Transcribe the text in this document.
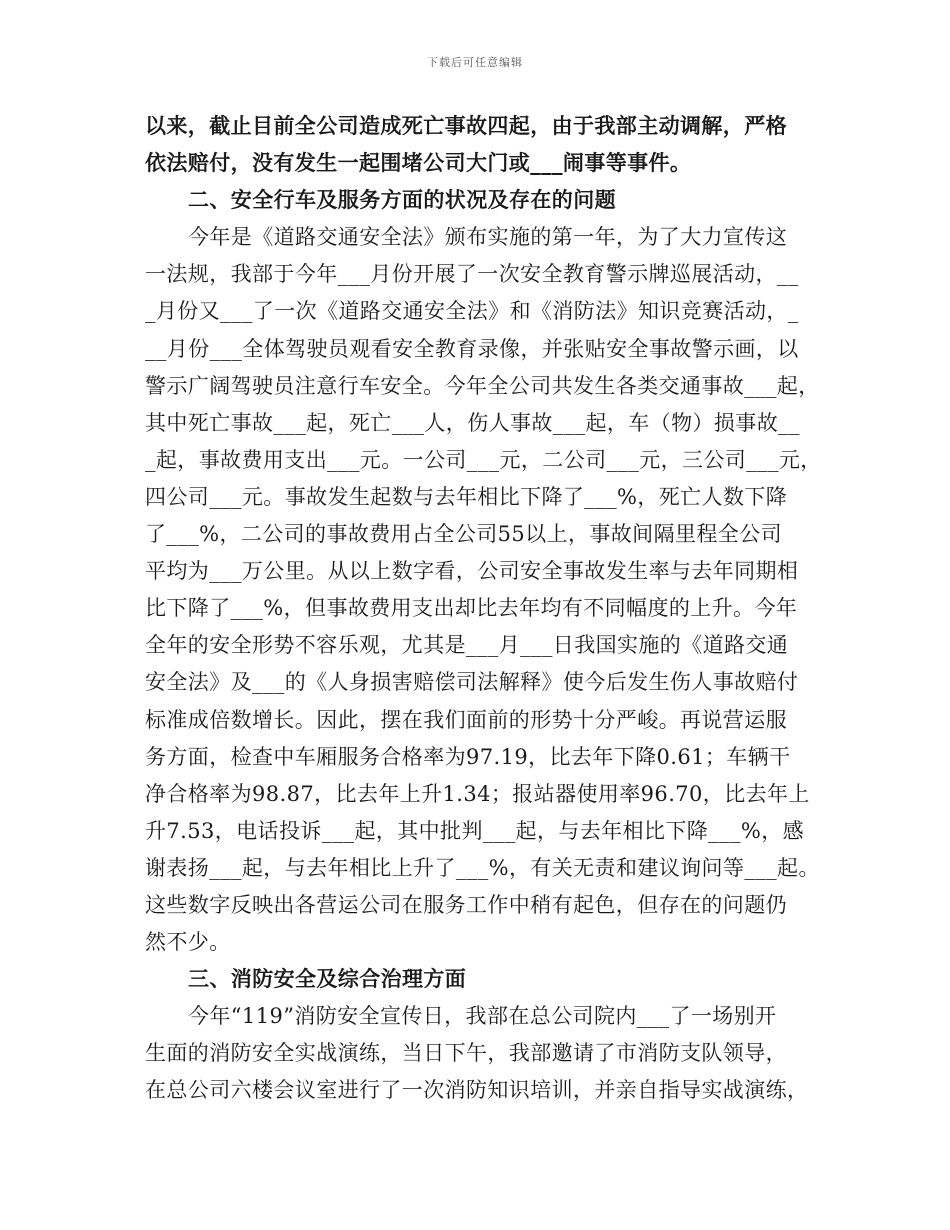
下载后可任意编辑
以来，截止目前全公司造成死亡事故四起，由于我部主动调解，严格
依法赔付，没有发生一起围堵公司大门或___闹事等事件。
二、安全行车及服务方面的状况及存在的问题
今年是《道路交通安全法》颁布实施的第一年，为了大力宣传这
一法规，我部于今年___月份开展了一次安全教育警示牌巡展活动，__
_月份又___了一次《道路交通安全法》和《消防法》知识竞赛活动，_
__月份___全体驾驶员观看安全教育录像，并张贴安全事故警示画，以
警示广阔驾驶员注意行车安全。今年全公司共发生各类交通事故___起，
其中死亡事故___起，死亡___人，伤人事故___起，车（物）损事故__
_起，事故费用支出___元。一公司___元，二公司___元，三公司___元，
四公司___元。事故发生起数与去年相比下降了___%，死亡人数下降
了___%，二公司的事故费用占全公司55以上，事故间隔里程全公司
平均为___万公里。从以上数字看，公司安全事故发生率与去年同期相
比下降了___%，但事故费用支出却比去年均有不同幅度的上升。今年
全年的安全形势不容乐观，尤其是___月___日我国实施的《道路交通
安全法》及___的《人身损害赔偿司法解释》使今后发生伤人事故赔付
标准成倍数增长。因此，摆在我们面前的形势十分严峻。再说营运服
务方面，检查中车厢服务合格率为97.19，比去年下降0.61；车辆干
净合格率为98.87，比去年上升1.34；报站器使用率96.70，比去年上
升7.53，电话投诉___起，其中批判___起，与去年相比下降___%，感
谢表扬___起，与去年相比上升了___%，有关无责和建议询问等___起。
这些数字反映出各营运公司在服务工作中稍有起色，但存在的问题仍
然不少。
三、消防安全及综合治理方面
今年“119”消防安全宣传日，我部在总公司院内___了一场别开
生面的消防安全实战演练，当日下午，我部邀请了市消防支队领导，
在总公司六楼会议室进行了一次消防知识培训，并亲自指导实战演练，
